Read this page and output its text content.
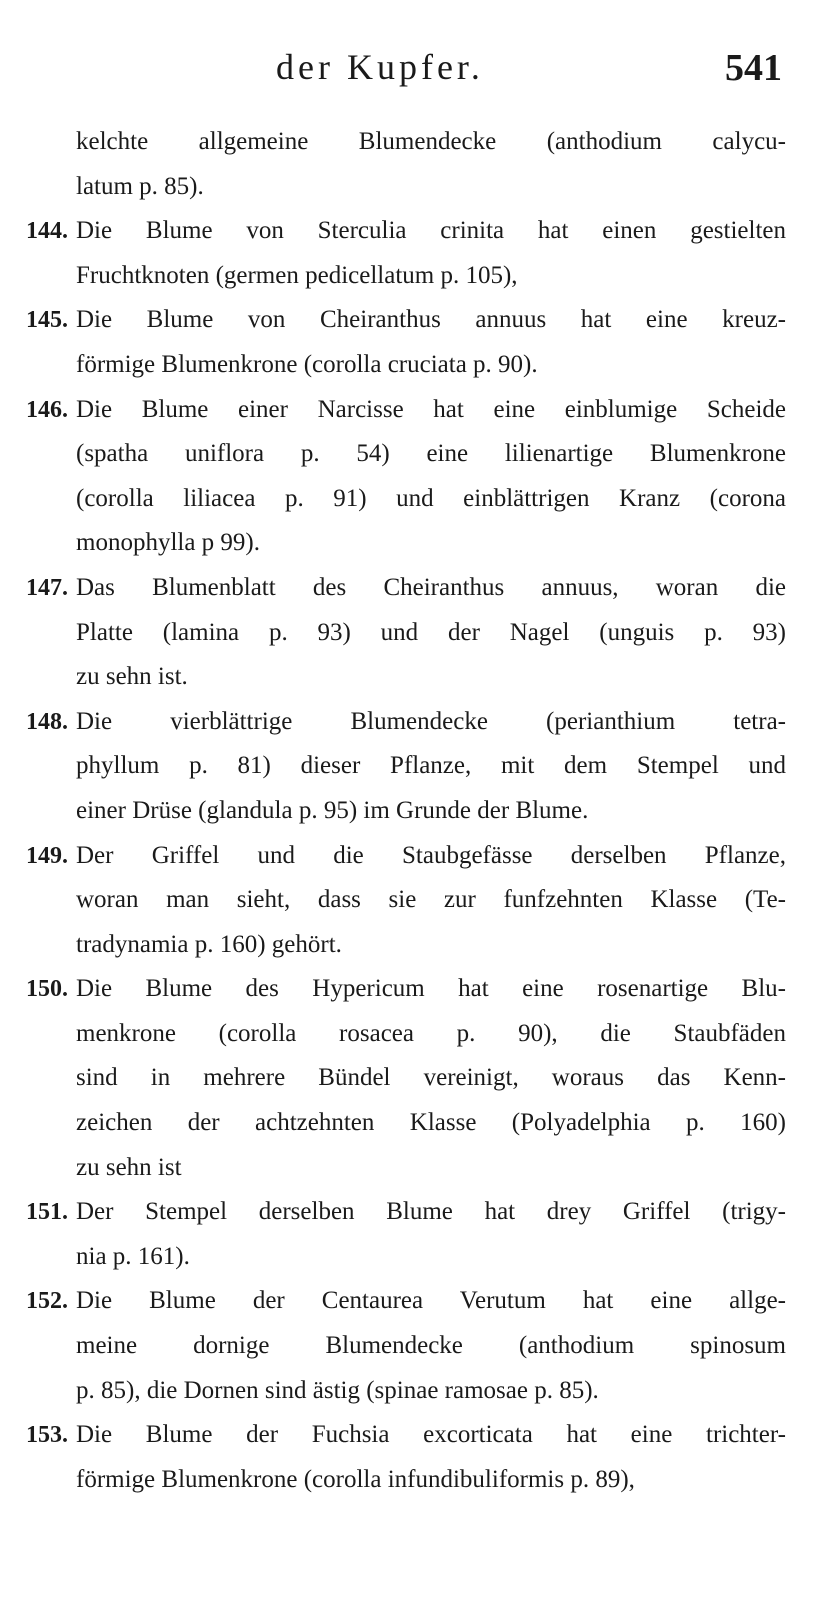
der Kupfer.	541
kelchte allgemeine Blumendecke (anthodium calycu-
latum p. 85).
144. Die Blume von Sterculia crinita hat einen gestielten
Fruchtknoten (germen pedicellatum p. 105),
145. Die Blume von Cheiranthus annuus hat eine kreuz-
förmige Blumenkrone (corolla cruciata p. 90).
146. Die Blume einer Narcisse hat eine einblumige Scheide
(spatha uniflora p. 54) eine lilienartige Blumenkrone
(corolla liliacea p. 91) und einblättrigen Kranz (corona
monophylla p 99).
147. Das Blumenblatt des Cheiranthus annuus, woran die
Platte (lamina p. 93) und der Nagel (unguis p. 93)
zu sehn ist.
148. Die vierblättrige Blumendecke (perianthium tetra-
phyllum p. 81) dieser Pflanze, mit dem Stempel und
einer Drüse (glandula p. 95) im Grunde der Blume.
149. Der Griffel und die Staubgefässe derselben Pflanze,
woran man sieht, dass sie zur funfzehnten Klasse (Te-
tradynamia p. 160) gehört.
150. Die Blume des Hypericum hat eine rosenartige Blu-
menkrone (corolla rosacea p. 90), die Staubfäden
sind in mehrere Bündel vereinigt, woraus das Kenn-
zeichen der achtzehnten Klasse (Polyadelphia p. 160)
zu sehn ist
151. Der Stempel derselben Blume hat drey Griffel (trigy-
nia p. 161).
152. Die Blume der Centaurea Verutum hat eine allge-
meine dornige Blumendecke (anthodium spinosum
p. 85), die Dornen sind ästig (spinae ramosae p. 85).
153. Die Blume der Fuchsia excorticata hat eine trichter-
förmige Blumenkrone (corolla infundibuliformis p. 89),
